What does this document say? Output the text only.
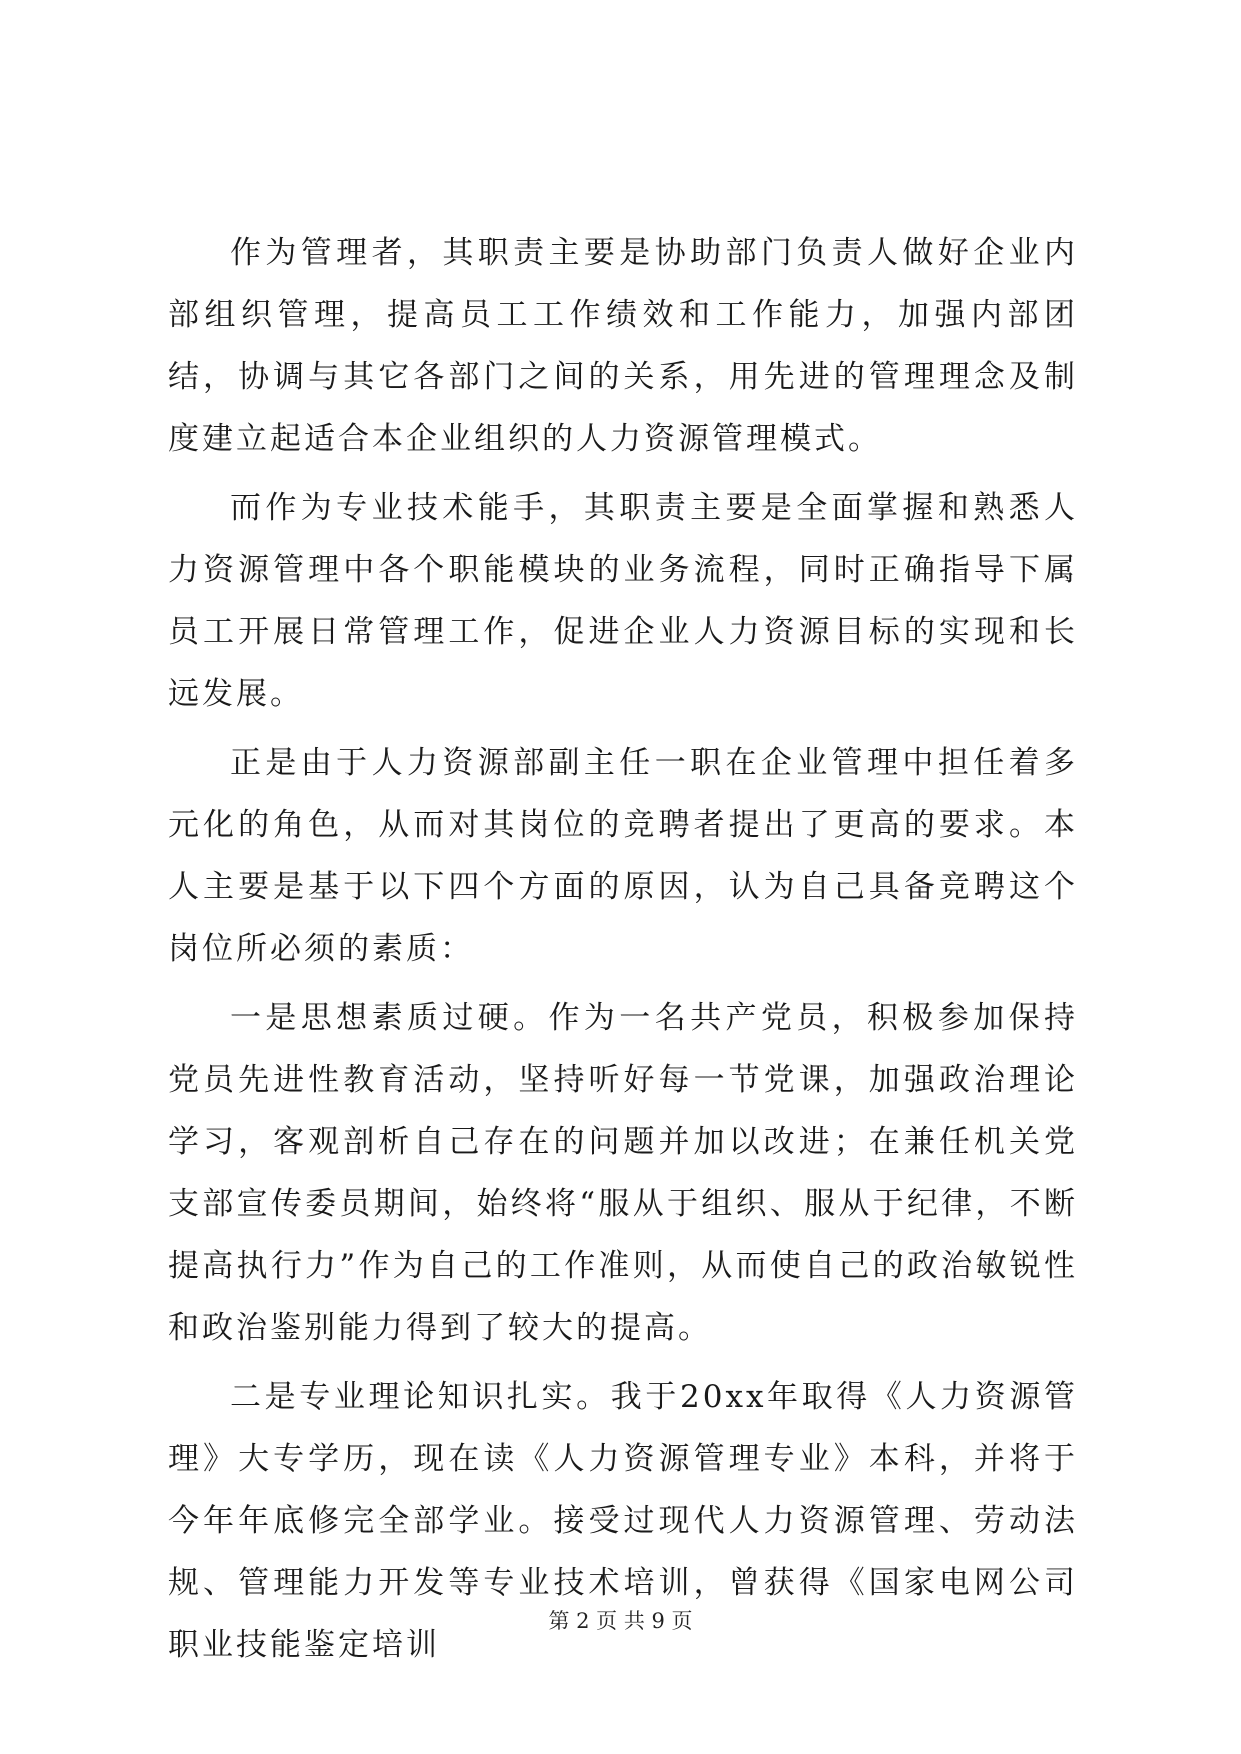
作为管理者，其职责主要是协助部门负责人做好企业内部组织管理，提高员工工作绩效和工作能力，加强内部团结，协调与其它各部门之间的关系，用先进的管理理念及制度建立起适合本企业组织的人力资源管理模式。

而作为专业技术能手，其职责主要是全面掌握和熟悉人力资源管理中各个职能模块的业务流程，同时正确指导下属员工开展日常管理工作，促进企业人力资源目标的实现和长远发展。

正是由于人力资源部副主任一职在企业管理中担任着多元化的角色，从而对其岗位的竞聘者提出了更高的要求。本人主要是基于以下四个方面的原因，认为自己具备竞聘这个岗位所必须的素质：

一是思想素质过硬。作为一名共产党员，积极参加保持党员先进性教育活动，坚持听好每一节党课，加强政治理论学习，客观剖析自己存在的问题并加以改进；在兼任机关党支部宣传委员期间，始终将“服从于组织、服从于纪律，不断提高执行力”作为自己的工作准则，从而使自己的政治敏锐性和政治鉴别能力得到了较大的提高。

二是专业理论知识扎实。我于20xx年取得《人力资源管理》大专学历，现在读《人力资源管理专业》本科，并将于今年年底修完全部学业。接受过现代人力资源管理、劳动法规、管理能力开发等专业技术培训，曾获得《国家电网公司职业技能鉴定培训

第 2 页 共 9 页
